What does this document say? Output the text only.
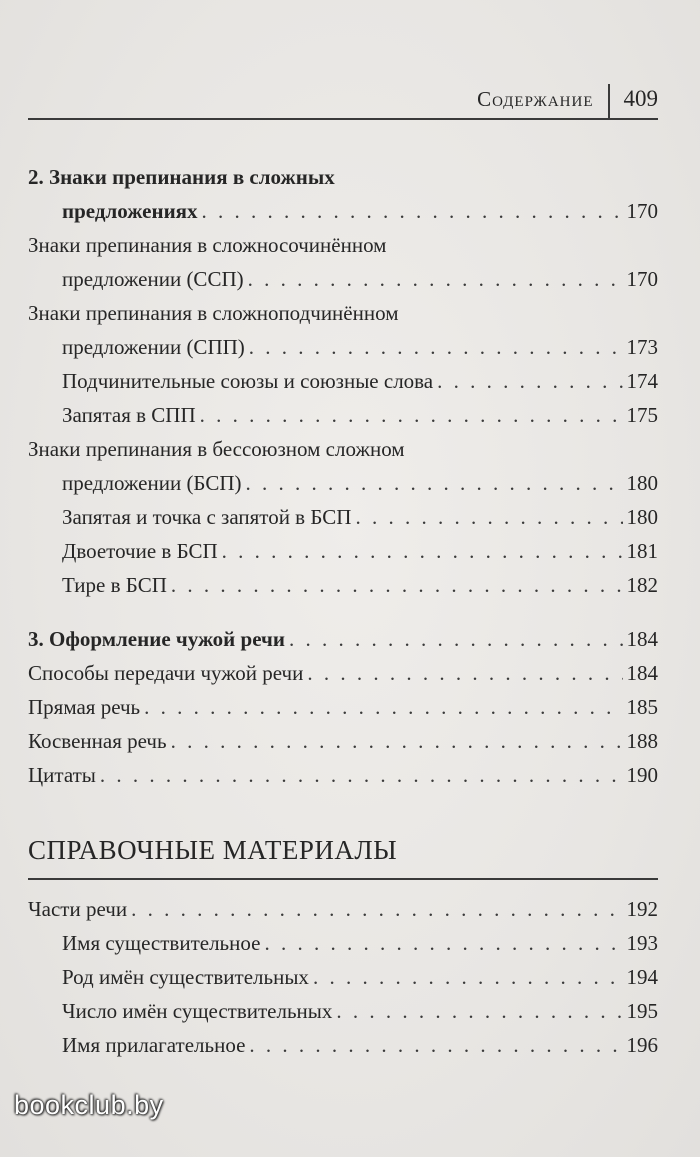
Содержание	409
2. Знаки препинания в сложных
предложениях . . .	170
Знаки препинания в сложносочинённом
предложении (ССП) . . .	170
Знаки препинания в сложноподчинённом
предложении (СПП) . . .	173
Подчинительные союзы и союзные слова . . .	174
Запятая в СПП . . .	175
Знаки препинания в бессоюзном сложном
предложении (БСП) . . .	180
Запятая и точка с запятой в БСП . . .	180
Двоеточие в БСП . . .	181
Тире в БСП . . .	182
3. Оформление чужой речи . . .	184
Способы передачи чужой речи . . .	184
Прямая речь . . .	185
Косвенная речь . . .	188
Цитаты . . .	190
СПРАВОЧНЫЕ МАТЕРИАЛЫ
Части речи . . .	192
Имя существительное . . .	193
Род имён существительных . . .	194
Число имён существительных . . .	195
Имя прилагательное . . .	196
bookclub.by
